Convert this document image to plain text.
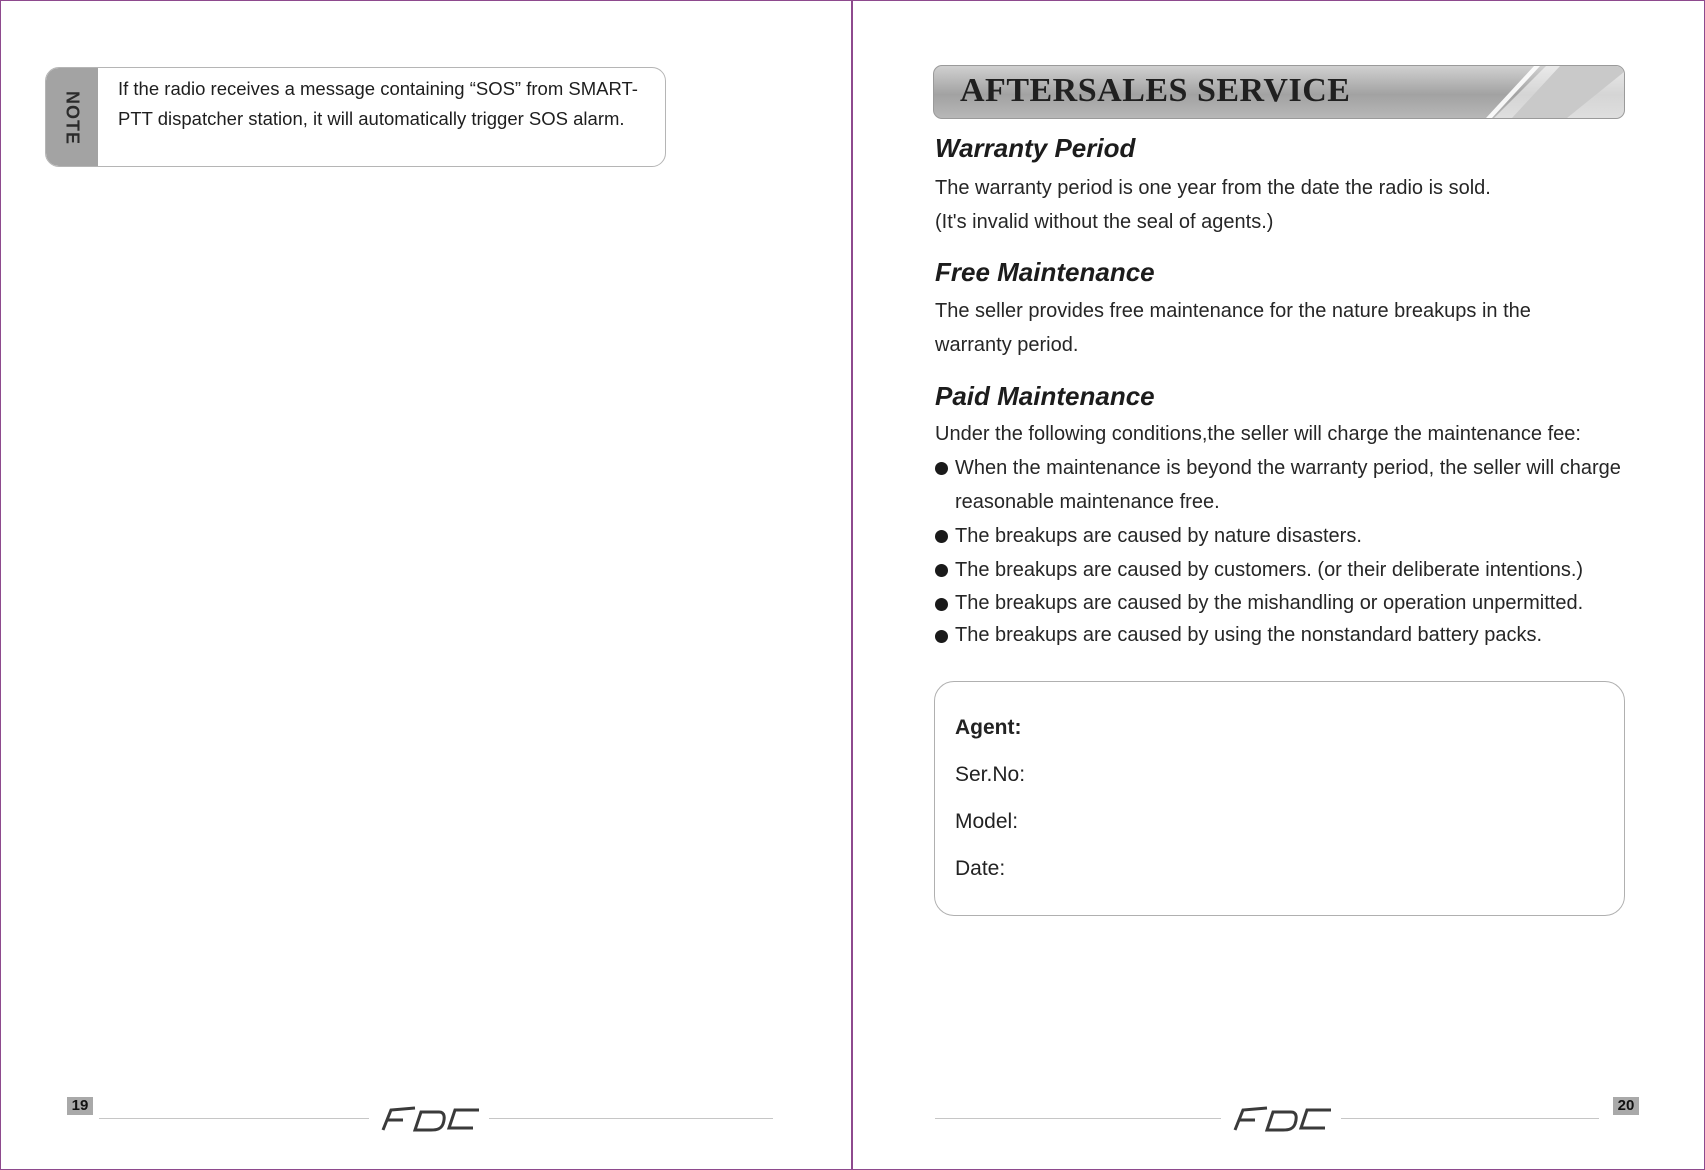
NOTE
If the radio receives a message containing “SOS” from SMART-PTT dispatcher station, it will automatically trigger SOS alarm.
19
AFTERSALES SERVICE
Warranty Period
The warranty period is one year from the date the radio is sold.
(It's invalid without the seal of agents.)
Free Maintenance
The seller provides free maintenance for the nature breakups in the
warranty period.
Paid Maintenance
Under the following conditions,the seller will charge the maintenance fee:
When the maintenance is beyond the warranty period, the seller will charge reasonable maintenance free.
The breakups are caused by nature disasters.
The breakups are caused by customers. (or their deliberate intentions.)
The breakups are caused by the mishandling or operation unpermitted.
The breakups are caused by using the nonstandard battery packs.
Agent:
Ser.No:
Model:
Date:
20
